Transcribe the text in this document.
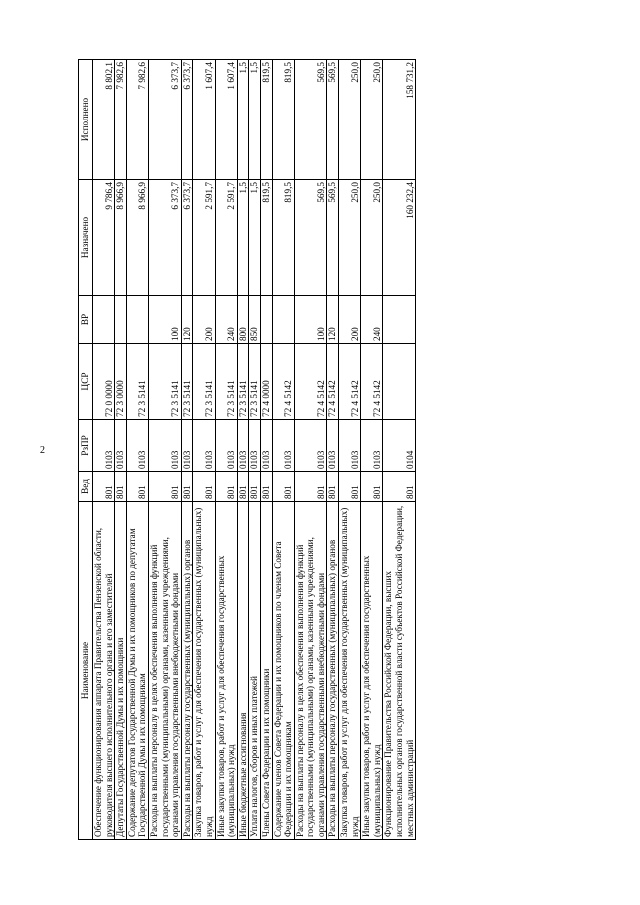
2
Наименование	Вед	РзПР	ЦСР	ВР	Назначено	Исполнено
Обеспечение функционирования аппарата Правительства Пензенской области, руководителя высшего исполнительного органа и его заместителей	801	0103	72 0 0000		9 786,4	8 802,1
Депутаты Государственной Думы и их помощники	801	0103	72 3 0000		8 966,9	7 982,6
Содержание депутатов Государственной Думы и их помощников по депутатам Государственной Думы и их помощникам	801	0103	72 3 5141		8 966,9	7 982,6
Расходы на выплаты персоналу в целях обеспечения выполнения функций государственными (муниципальными) органами, казенными учреждениями, органами управления государственными внебюджетными фондами	801	0103	72 3 5141	100	6 373,7	6 373,7
Расходы на выплаты персоналу государственных (муниципальных) органов	801	0103	72 3 5141	120	6 373,7	6 373,7
Закупка товаров, работ и услуг для обеспечения государственных (муниципальных) нужд	801	0103	72 3 5141	200	2 591,7	1 607,4
Иные закупки товаров, работ и услуг для обеспечения государственных (муниципальных) нужд	801	0103	72 3 5141	240	2 591,7	1 607,4
Иные бюджетные ассигнования	801	0103	72 3 5141	800	1,5	1,5
Уплата налогов, сборов и иных платежей	801	0103	72 3 5141	850	1,5	1,5
Члены Совета Федерации и их помощники	801	0103	72 4 0000		819,5	819,5
Содержание членов Совета Федерации и их помощников по членам Совета Федерации и их помощникам	801	0103	72 4 5142		819,5	819,5
Расходы на выплаты персоналу в целях обеспечения выполнения функций государственными (муниципальными) органами, казенными учреждениями, органами управления государственными внебюджетными фондами	801	0103	72 4 5142	100	569,5	569,5
Расходы на выплаты персоналу государственных (муниципальных) органов	801	0103	72 4 5142	120	569,5	569,5
Закупка товаров, работ и услуг для обеспечения государственных (муниципальных) нужд	801	0103	72 4 5142	200	250,0	250,0
Иные закупки товаров, работ и услуг для обеспечения государственных (муниципальных) нужд	801	0103	72 4 5142	240	250,0	250,0
Функционирование Правительства Российской Федерации, высших исполнительных органов государственной власти субъектов Российской Федерации, местных администраций	801	0104			160 232,4	158 731,2
